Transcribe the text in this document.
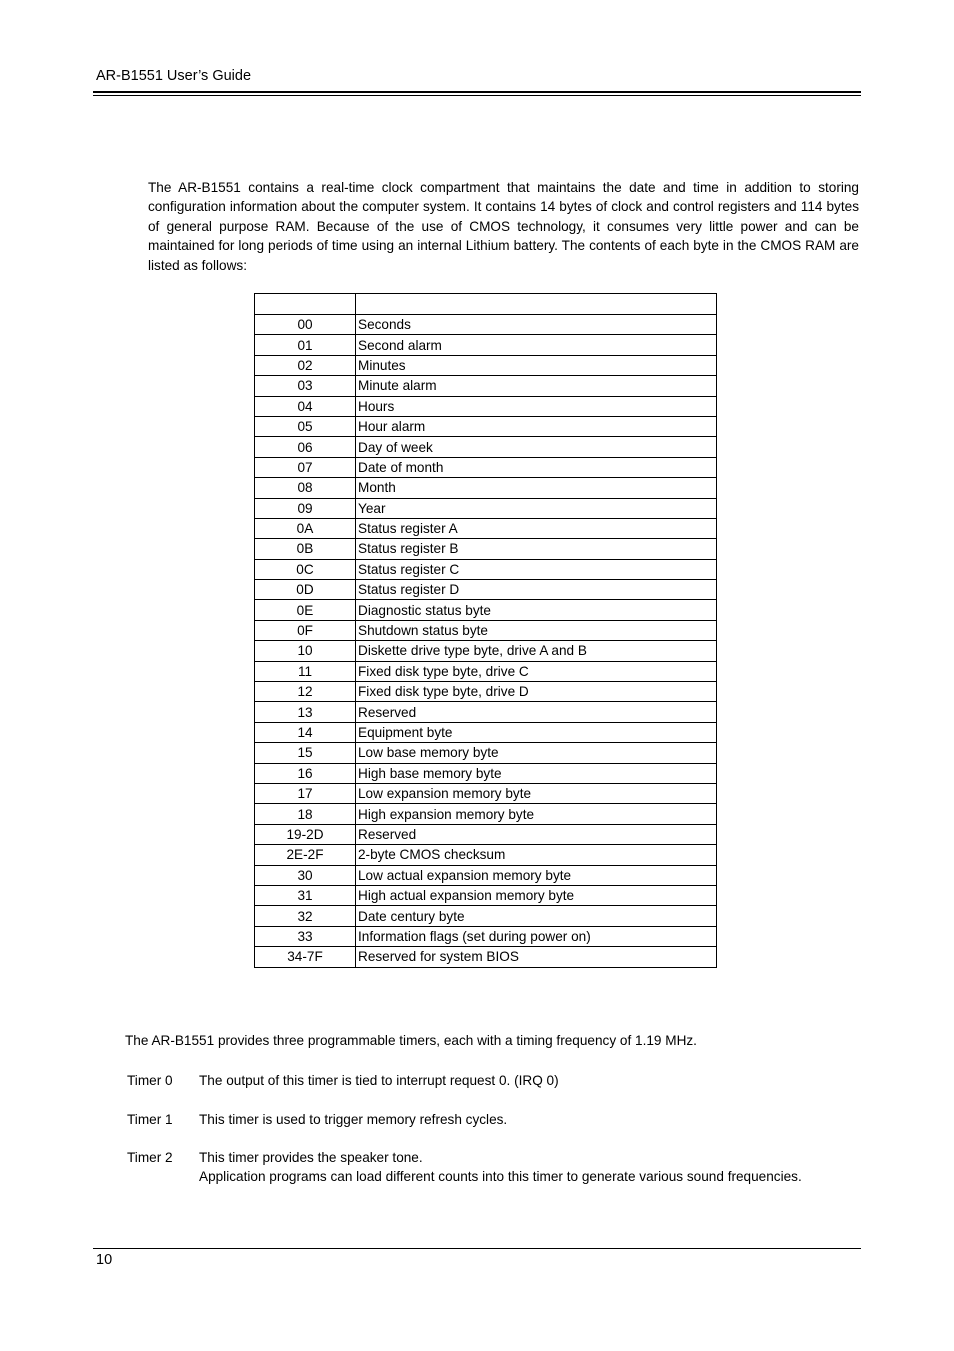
AR-B1551 User’s Guide
The AR-B1551 contains a real-time clock compartment that maintains the date and time in addition to storing configuration information about the computer system. It contains 14 bytes of clock and control registers and 114 bytes of general purpose RAM. Because of the use of CMOS technology, it consumes very little power and can be maintained for long periods of time using an internal Lithium battery. The contents of each byte in the CMOS RAM are listed as follows:

00	Seconds
01	Second alarm
02	Minutes
03	Minute alarm
04	Hours
05	Hour alarm
06	Day of week
07	Date of month
08	Month
09	Year
0A	Status register A
0B	Status register B
0C	Status register C
0D	Status register D
0E	Diagnostic status byte
0F	Shutdown status byte
10	Diskette drive type byte, drive A and B
11	Fixed disk type byte, drive C
12	Fixed disk type byte, drive D
13	Reserved
14	Equipment byte
15	Low base memory byte
16	High base memory byte
17	Low expansion memory byte
18	High expansion memory byte
19-2D	Reserved
2E-2F	2-byte CMOS checksum
30	Low actual expansion memory byte
31	High actual expansion memory byte
32	Date century byte
33	Information flags (set during power on)
34-7F	Reserved for system BIOS
The AR-B1551 provides three programmable timers, each with a timing frequency of 1.19 MHz.
Timer 0	The output of this timer is tied to interrupt request 0. (IRQ 0)
Timer 1	This timer is used to trigger memory refresh cycles.
Timer 2	This timer provides the speaker tone.
Application programs can load different counts into this timer to generate various sound frequencies.
10
